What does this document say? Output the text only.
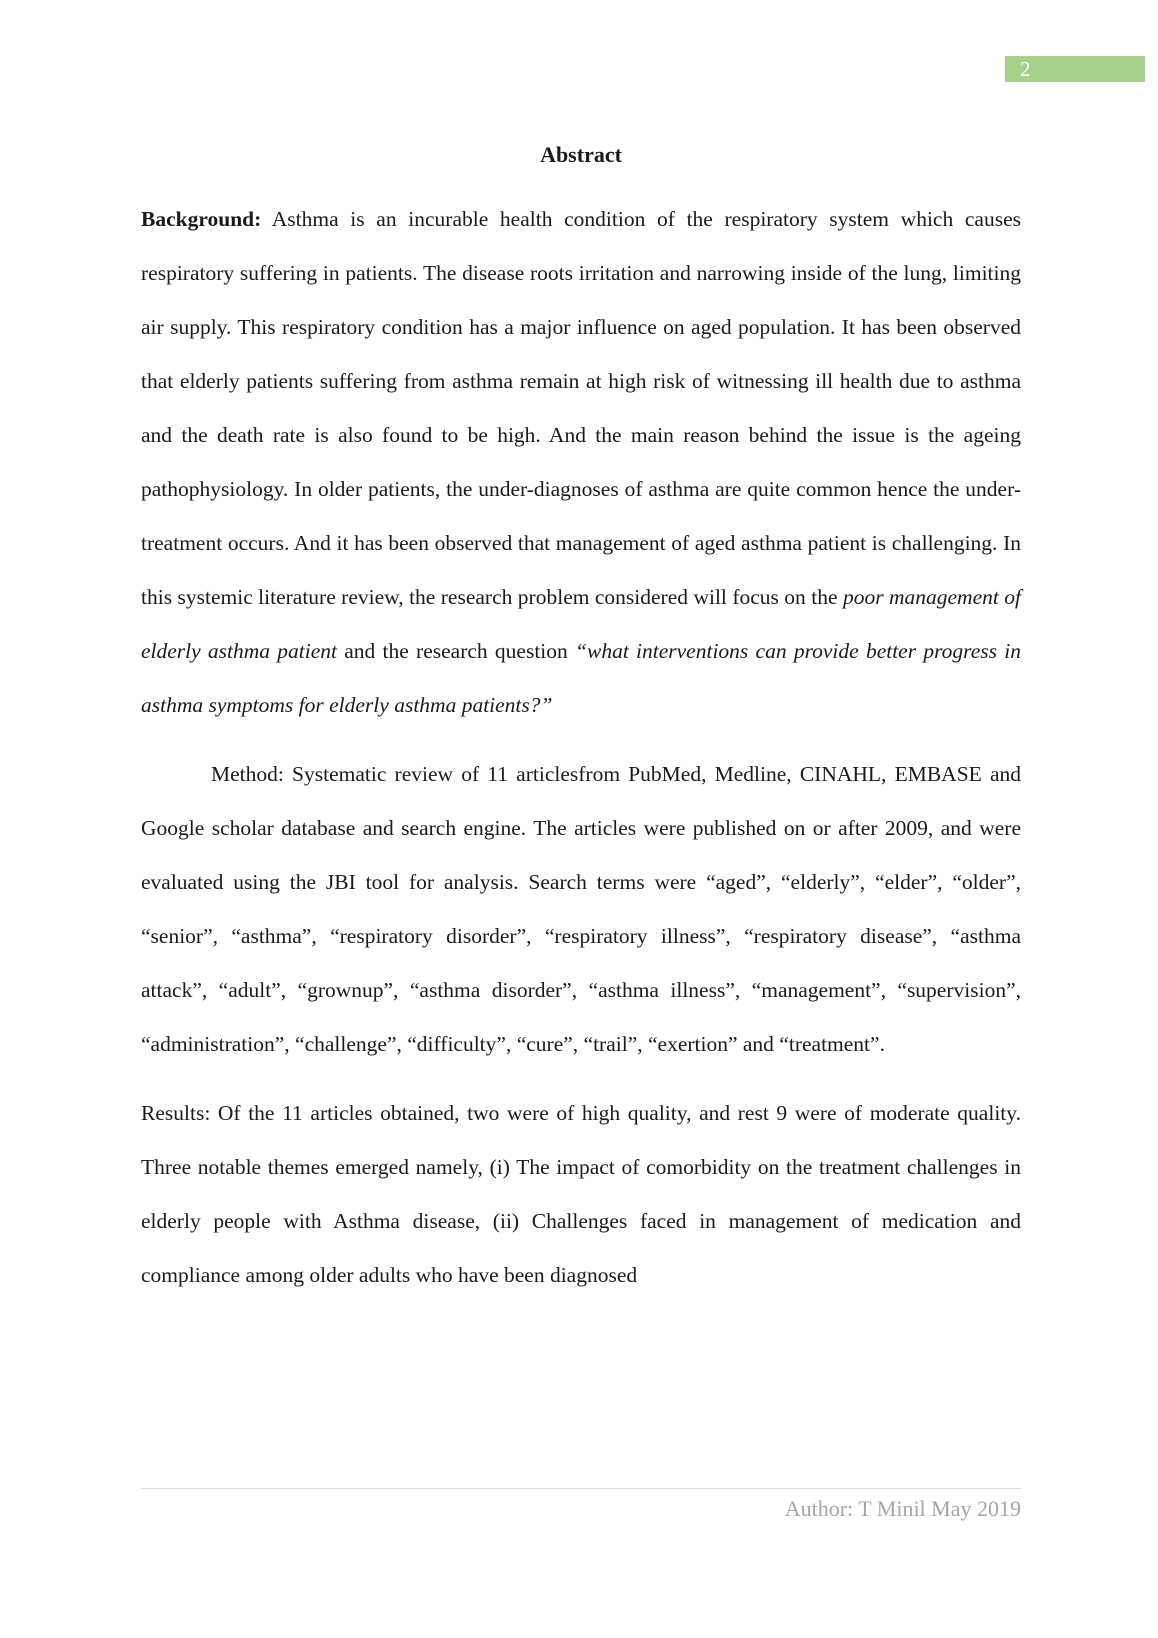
2
Abstract

Background: Asthma is an incurable health condition of the respiratory system which causes respiratory suffering in patients. The disease roots irritation and narrowing inside of the lung, limiting air supply. This respiratory condition has a major influence on aged population. It has been observed that elderly patients suffering from asthma remain at high risk of witnessing ill health due to asthma and the death rate is also found to be high. And the main reason behind the issue is the ageing pathophysiology. In older patients, the under-diagnoses of asthma are quite common hence the under-treatment occurs. And it has been observed that management of aged asthma patient is challenging. In this systemic literature review, the research problem considered will focus on the poor management of elderly asthma patient and the research question “what interventions can provide better progress in asthma symptoms for elderly asthma patients?”

Method: Systematic review of 11 articlesfrom PubMed, Medline, CINAHL, EMBASE and Google scholar database and search engine. The articles were published on or after 2009, and were evaluated using the JBI tool for analysis. Search terms were “aged”, “elderly”, “elder”, “older”, “senior”, “asthma”, “respiratory disorder”, “respiratory illness”, “respiratory disease”, “asthma attack”, “adult”, “grownup”, “asthma disorder”, “asthma illness”, “management”, “supervision”, “administration”, “challenge”, “difficulty”, “cure”, “trail”, “exertion” and “treatment”.

Results: Of the 11 articles obtained, two were of high quality, and rest 9 were of moderate quality. Three notable themes emerged namely, (i) The impact of comorbidity on the treatment challenges in elderly people with Asthma disease, (ii) Challenges faced in management of medication and compliance among older adults who have been diagnosed

Author: T Minil May 2019
